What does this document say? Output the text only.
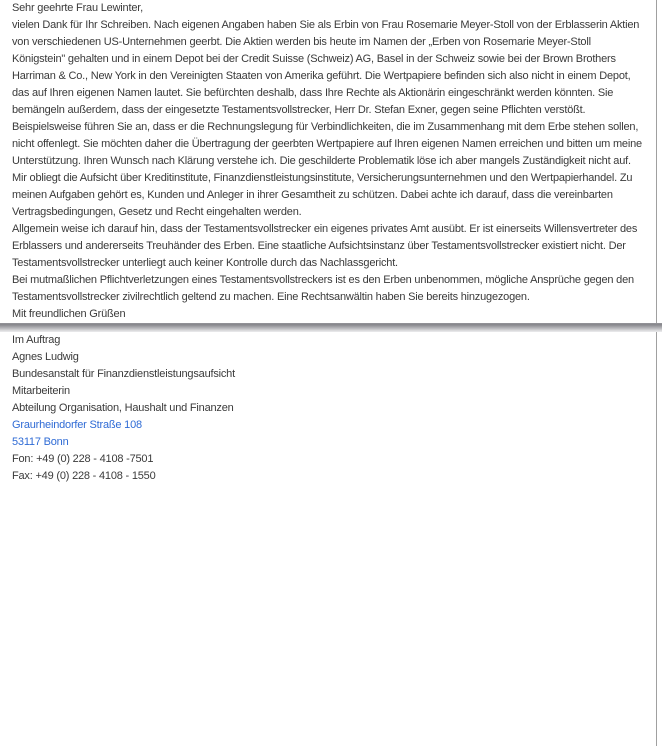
Sehr geehrte Frau Lewinter,

vielen Dank für Ihr Schreiben. Nach eigenen Angaben haben Sie als Erbin von Frau Rosemarie Meyer-Stoll von der Erblasserin Aktien von verschiedenen US-Unternehmen geerbt. Die Aktien werden bis heute im Namen der „Erben von Rosemarie Meyer-Stoll Königstein" gehalten und in einem Depot bei der Credit Suisse (Schweiz) AG, Basel in der Schweiz sowie bei der Brown Brothers Harriman & Co., New York in den Vereinigten Staaten von Amerika geführt. Die Wertpapiere befinden sich also nicht in einem Depot, das auf Ihren eigenen Namen lautet. Sie befürchten deshalb, dass Ihre Rechte als Aktionärin eingeschränkt werden könnten. Sie bemängeln außerdem, dass der eingesetzte Testamentsvollstrecker, Herr Dr. Stefan Exner, gegen seine Pflichten verstößt. Beispielsweise führen Sie an, dass er die Rechnungslegung für Verbindlichkeiten, die im Zusammenhang mit dem Erbe stehen sollen, nicht offenlegt. Sie möchten daher die Übertragung der geerbten Wertpapiere auf Ihren eigenen Namen erreichen und bitten um meine Unterstützung. Ihren Wunsch nach Klärung verstehe ich. Die geschilderte Problematik löse ich aber mangels Zuständigkeit nicht auf.

Mir obliegt die Aufsicht über Kreditinstitute, Finanzdienstleistungsinstitute, Versicherungsunternehmen und den Wertpapierhandel. Zu meinen Aufgaben gehört es, Kunden und Anleger in ihrer Gesamtheit zu schützen. Dabei achte ich darauf, dass die vereinbarten Vertragsbedingungen, Gesetz und Recht eingehalten werden.

Allgemein weise ich darauf hin, dass der Testamentsvollstrecker ein eigenes privates Amt ausübt. Er ist einerseits Willensvertreter des Erblassers und andererseits Treuhänder des Erben. Eine staatliche Aufsichtsinstanz über Testamentsvollstrecker existiert nicht. Der Testamentsvollstrecker unterliegt auch keiner Kontrolle durch das Nachlassgericht.

Bei mutmaßlichen Pflichtverletzungen eines Testamentsvollstreckers ist es den Erben unbenommen, mögliche Ansprüche gegen den Testamentsvollstrecker zivilrechtlich geltend zu machen. Eine Rechtsanwältin haben Sie bereits hinzugezogen.

Mit freundlichen Grüßen

Im Auftrag

Agnes Ludwig

Bundesanstalt für Finanzdienstleistungsaufsicht

Mitarbeiterin

Abteilung Organisation, Haushalt und Finanzen

Graurheindorfer Straße 108
53117 Bonn

Fon: +49 (0) 228 - 4108 -7501

Fax: +49 (0) 228 - 4108 - 1550
